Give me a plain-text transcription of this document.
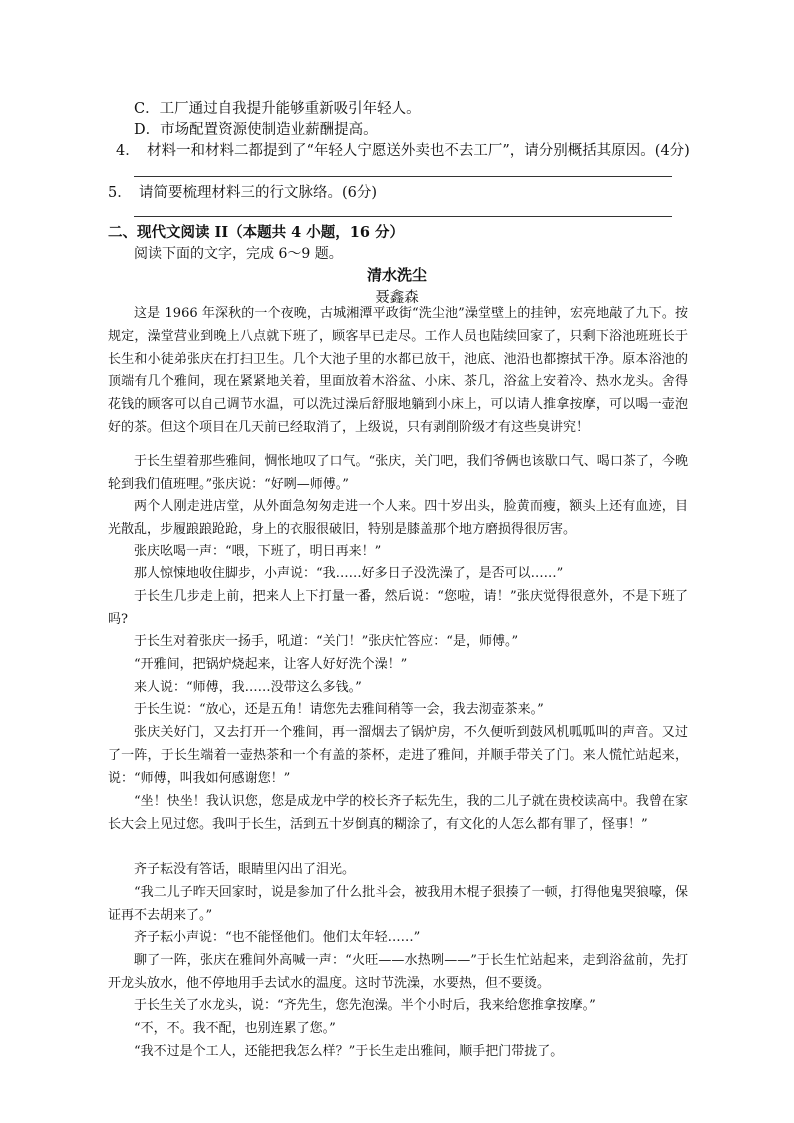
C．工厂通过自我提升能够重新吸引年轻人。
D．市场配置资源使制造业薪酬提高。
4．　材料一和材料二都提到了“年轻人宁愿送外卖也不去工厂”，请分别概括其原因。(4分)
5．　请简要梳理材料三的行文脉络。(6分)
二、现代文阅读 II（本题共 4 小题，16 分）
阅读下面的文字，完成 6～9 题。
清水洗尘
聂鑫森
这是 1966 年深秋的一个夜晚，古城湘潭平政街“洗尘池”澡堂壁上的挂钟，宏亮地敲了九下。按规定，澡堂营业到晚上八点就下班了，顾客早已走尽。工作人员也陆续回家了，只剩下浴池班班长于长生和小徒弟张庆在打扫卫生。几个大池子里的水都已放干，池底、池沿也都擦拭干净。原本浴池的顶端有几个雅间，现在紧紧地关着，里面放着木浴盆、小床、茶几，浴盆上安着冷、热水龙头。舍得花钱的顾客可以自己调节水温，可以洗过澡后舒服地躺到小床上，可以请人推拿按摩，可以喝一壶泡好的茶。但这个项目在几天前已经取消了，上级说，只有剥削阶级才有这些臭讲究！
于长生望着那些雅间，惆怅地叹了口气。“张庆，关门吧，我们爷俩也该歇口气、喝口茶了，今晚轮到我们值班哩。”张庆说：“好咧—师傅。”
两个人刚走进店堂，从外面急匆匆走进一个人来。四十岁出头，脸黄而瘦，额头上还有血迹，目光散乱，步履踉踉跄跄，身上的衣服很破旧，特别是膝盖那个地方磨损得很厉害。
张庆吆喝一声：“喂，下班了，明日再来！”
那人惊悚地收住脚步，小声说：“我……好多日子没洗澡了，是否可以……”
于长生几步走上前，把来人上下打量一番，然后说：“您啦，请！”张庆觉得很意外，不是下班了吗?
于长生对着张庆一扬手，吼道：“关门！”张庆忙答应：“是，师傅。”
“开雅间，把锅炉烧起来，让客人好好洗个澡！”
来人说：“师傅，我……没带这么多钱。”
于长生说：“放心，还是五角！请您先去雅间稍等一会，我去沏壶茶来。”
张庆关好门，又去打开一个雅间，再一溜烟去了锅炉房，不久便听到鼓风机呱呱叫的声音。又过了一阵，于长生端着一壶热茶和一个有盖的茶杯，走进了雅间，并顺手带关了门。来人慌忙站起来，说：“师傅，叫我如何感谢您！”
“坐！快坐！我认识您，您是成龙中学的校长齐子耘先生，我的二儿子就在贵校读高中。我曾在家长大会上见过您。我叫于长生，活到五十岁倒真的糊涂了，有文化的人怎么都有罪了，怪事！”
齐子耘没有答话，眼睛里闪出了泪光。
“我二儿子昨天回家时，说是参加了什么批斗会，被我用木棍子狠揍了一顿，打得他鬼哭狼嚎，保证再不去胡来了。”
齐子耘小声说：“也不能怪他们。他们太年轻……”
聊了一阵，张庆在雅间外高喊一声：“火旺——水热咧——”于长生忙站起来，走到浴盆前，先打开龙头放水，他不停地用手去试水的温度。这时节洗澡，水要热，但不要烫。
于长生关了水龙头，说：“齐先生，您先泡澡。半个小时后，我来给您推拿按摩。”
“不，不。我不配，也别连累了您。”
“我不过是个工人，还能把我怎么样？”于长生走出雅间，顺手把门带拢了。
